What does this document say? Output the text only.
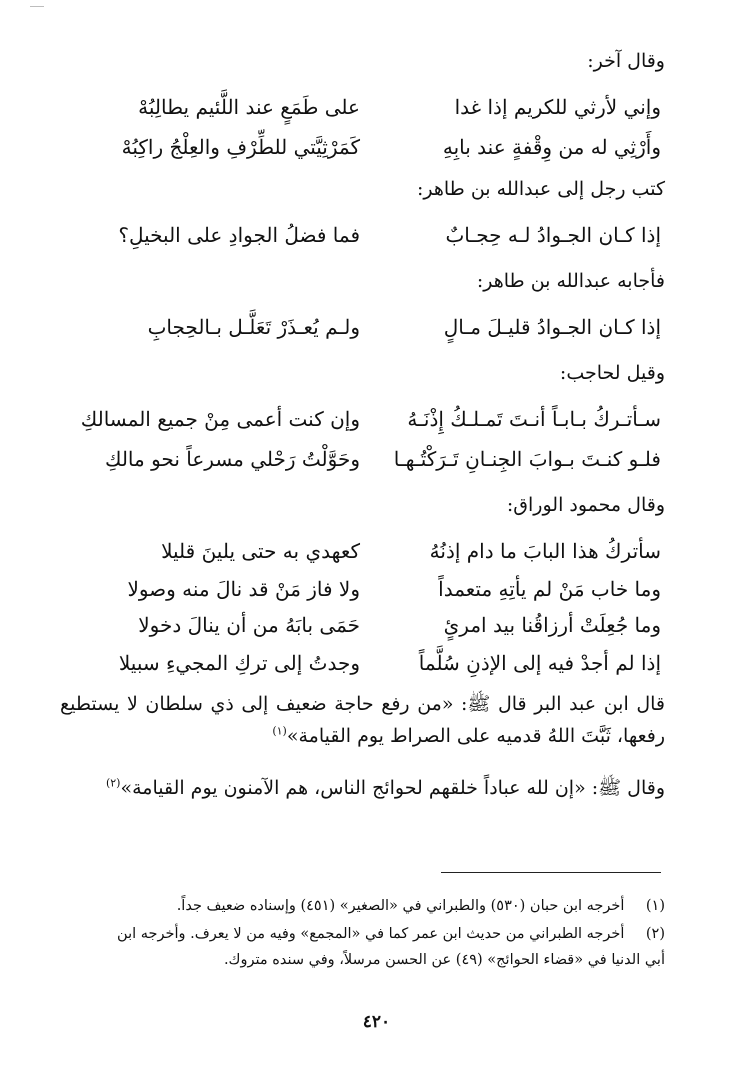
وقال آخر:
وإني لأرثي للكريم إذا غدا
على طَمَعٍ عند اللَّئيم يطالِبُهْ
وأَرْثِي له من وِقْفةٍ عند بابِهِ
كَمَرْثِيَّتي للطِّرْفِ والعِلْجُ راكِبُهْ
كتب رجل إلى عبدالله بن طاهر:
إذا كـان الجـوادُ لـه حِجـابٌ
فما فضلُ الجوادِ على البخيلِ؟
فأجابه عبدالله بن طاهر:
إذا كـان الجـوادُ قليـلَ مـالٍ
ولـم يُعـذَرْ تَعَلَّـل بـالحِجابِ
وقيل لحاجب:
سـأتـركُ بـابـاً أنـتَ تَمـلـكُ إِذْنَـهُ
وإن كنت أعمى مِنْ جميع المسالكِ
فلـو كنـتَ بـوابَ الجِنـانِ تَـرَكْتُـهـا
وحَوَّلْتُ رَحْلي مسرعاً نحو مالكِ
وقال محمود الوراق:
سأتركُ هذا البابَ ما دام إذنُهُ
كعهدي به حتى يلينَ قليلا
وما خاب مَنْ لم يأتِهِ متعمداً
ولا فاز مَنْ قد نالَ منه وصولا
وما جُعِلَتْ أرزاقُنا بيد امرئٍ
حَمَى بابَهُ من أن ينالَ دخولا
إذا لم أجدْ فيه إلى الإذنِ سُلَّماً
وجدتُ إلى تركِ المجيءِ سبيلا

قال ابن عبد البر قال ﷺ: «من رفع حاجة ضعيف إلى ذي سلطان لا يستطيع رفعها، ثَبَّتَ اللهُ قدميه على الصراط يوم القيامة»$^{(١)}$

وقال ﷺ: «إن لله عباداً خلقهم لحوائج الناس، هم الآمنون يوم القيامة»$^{(٢)}$

(١) أخرجه ابن حبان (٥٣٠) والطبراني في «الصغير» (٤٥١) وإسناده ضعيف جداً.
(٢) أخرجه الطبراني من حديث ابن عمر كما في «المجمع» وفيه من لا يعرف. وأخرجه ابن
أبي الدنيا في «قضاء الحوائج» (٤٩) عن الحسن مرسلاً، وفي سنده متروك.
٤٢٠
